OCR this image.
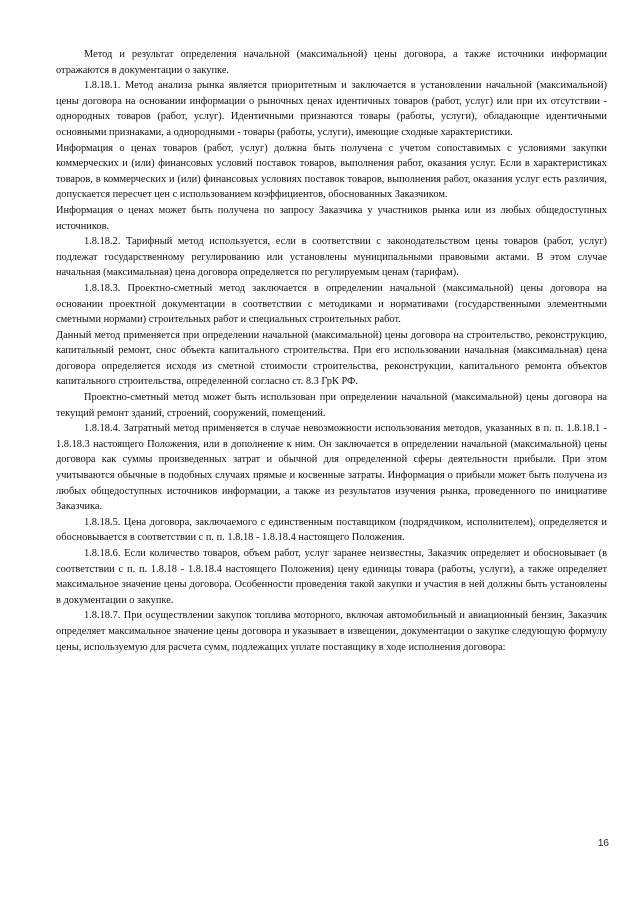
Метод и результат определения начальной (максимальной) цены договора, а также источники информации отражаются в документации о закупке.

1.8.18.1. Метод анализа рынка является приоритетным и заключается в установлении начальной (максимальной) цены договора на основании информации о рыночных ценах идентичных товаров (работ, услуг) или при их отсутствии - однородных товаров (работ, услуг). Идентичными признаются товары (работы, услуги), обладающие идентичными основными признаками, а однородными - товары (работы, услуги), имеющие сходные характеристики.

Информация о ценах товаров (работ, услуг) должна быть получена с учетом сопоставимых с условиями закупки коммерческих и (или) финансовых условий поставок товаров, выполнения работ, оказания услуг. Если в характеристиках товаров, в коммерческих и (или) финансовых условиях поставок товаров, выполнения работ, оказания услуг есть различия, допускается пересчет цен с использованием коэффициентов, обоснованных Заказчиком.

Информация о ценах может быть получена по запросу Заказчика у участников рынка или из любых общедоступных источников.

1.8.18.2. Тарифный метод используется, если в соответствии с законодательством цены товаров (работ, услуг) подлежат государственному регулированию или установлены муниципальными правовыми актами. В этом случае начальная (максимальная) цена договора определяется по регулируемым ценам (тарифам).

1.8.18.3. Проектно-сметный метод заключается в определении начальной (максимальной) цены договора на основании проектной документации в соответствии с методиками и нормативами (государственными элементными сметными нормами) строительных работ и специальных строительных работ.

Данный метод применяется при определении начальной (максимальной) цены договора на строительство, реконструкцию, капитальный ремонт, снос объекта капитального строительства. При его использовании начальная (максимальная) цена договора определяется исходя из сметной стоимости строительства, реконструкции, капитального ремонта объектов капитального строительства, определенной согласно ст. 8.3 ГрК РФ.

Проектно-сметный метод может быть использован при определении начальной (максимальной) цены договора на текущий ремонт зданий, строений, сооружений, помещений.

1.8.18.4. Затратный метод применяется в случае невозможности использования методов, указанных в п. п. 1.8.18.1 - 1.8.18.3 настоящего Положения, или в дополнение к ним. Он заключается в определении начальной (максимальной) цены договора как суммы произведенных затрат и обычной для определенной сферы деятельности прибыли. При этом учитываются обычные в подобных случаях прямые и косвенные затраты. Информация о прибыли может быть получена из любых общедоступных источников информации, а также из результатов изучения рынка, проведенного по инициативе Заказчика.

1.8.18.5. Цена договора, заключаемого с единственным поставщиком (подрядчиком, исполнителем), определяется и обосновывается в соответствии с п. п. 1.8.18 - 1.8.18.4 настоящего Положения.

1.8.18.6. Если количество товаров, объем работ, услуг заранее неизвестны, Заказчик определяет и обосновывает (в соответствии с п. п. 1.8.18 - 1.8.18.4 настоящего Положения) цену единицы товара (работы, услуги), а также определяет максимальное значение цены договора. Особенности проведения такой закупки и участия в ней должны быть установлены в документации о закупке.

1.8.18.7. При осуществлении закупок топлива моторного, включая автомобильный и авиационный бензин, Заказчик определяет максимальное значение цены договора и указывает в извещении, документации о закупке следующую формулу цены, используемую для расчета сумм, подлежащих уплате поставщику в ходе исполнения договора:

16
